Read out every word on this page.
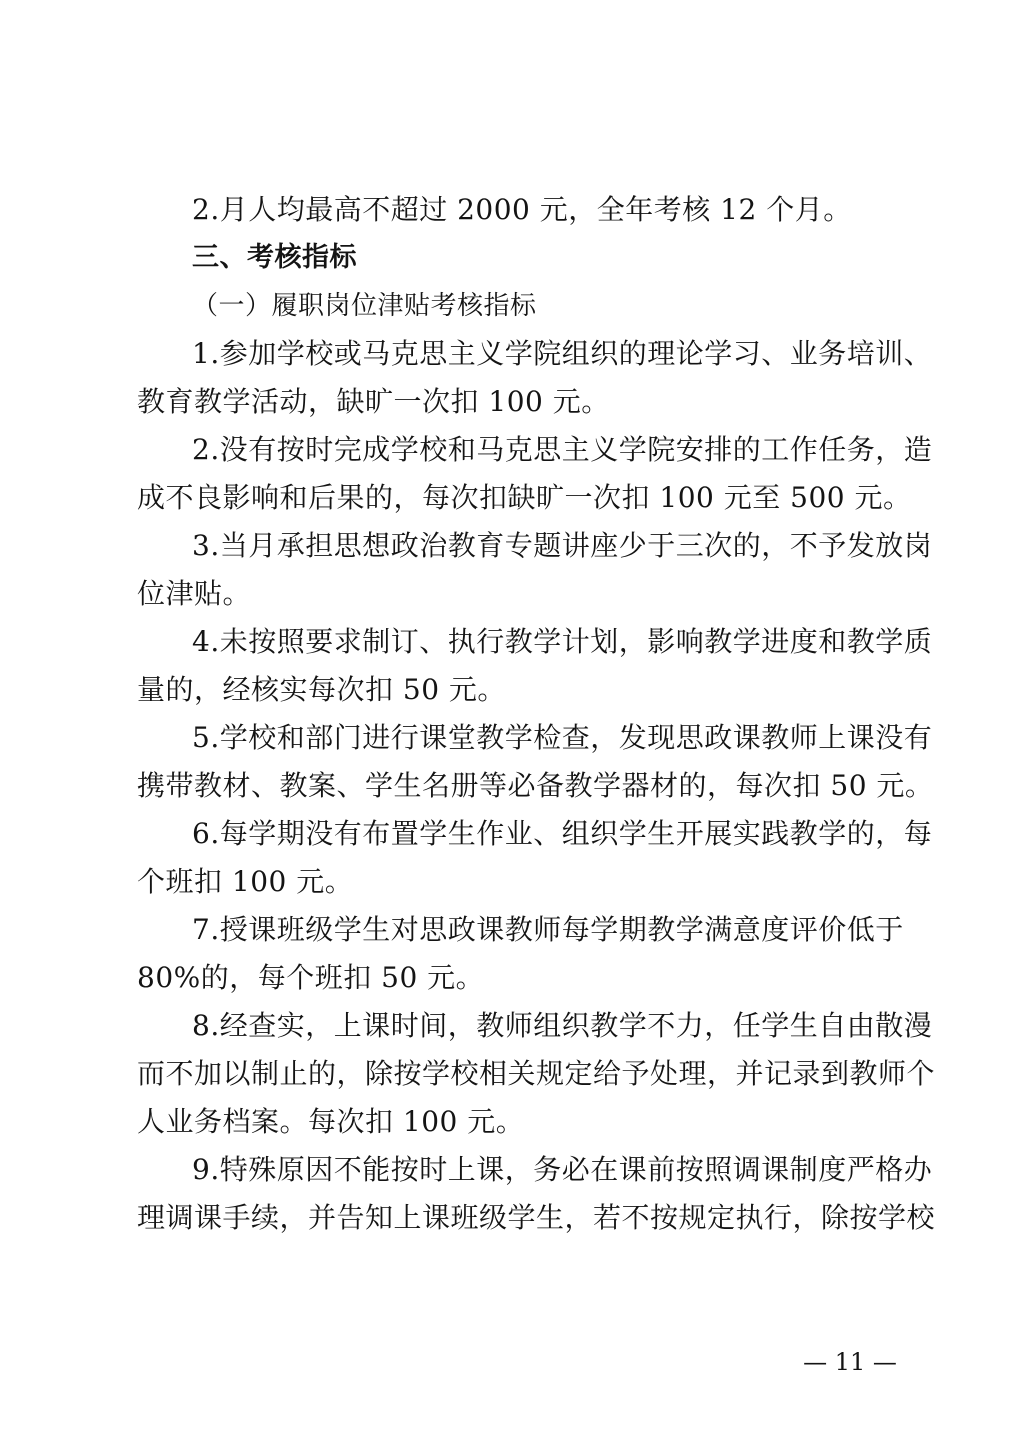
2.月人均最高不超过 2000 元，全年考核 12 个月。
三、考核指标
（一）履职岗位津贴考核指标
1.参加学校或马克思主义学院组织的理论学习、业务培训、
教育教学活动，缺旷一次扣 100 元。
2.没有按时完成学校和马克思主义学院安排的工作任务，造
成不良影响和后果的，每次扣缺旷一次扣 100 元至 500 元。
3.当月承担思想政治教育专题讲座少于三次的，不予发放岗
位津贴。
4.未按照要求制订、执行教学计划，影响教学进度和教学质
量的，经核实每次扣 50 元。
5.学校和部门进行课堂教学检查，发现思政课教师上课没有
携带教材、教案、学生名册等必备教学器材的，每次扣 50 元。
6.每学期没有布置学生作业、组织学生开展实践教学的，每
个班扣 100 元。
7.授课班级学生对思政课教师每学期教学满意度评价低于
80%的，每个班扣 50 元。
8.经查实，上课时间，教师组织教学不力，任学生自由散漫
而不加以制止的，除按学校相关规定给予处理，并记录到教师个
人业务档案。每次扣 100 元。
9.特殊原因不能按时上课，务必在课前按照调课制度严格办
理调课手续，并告知上课班级学生，若不按规定执行，除按学校
— 11 —
